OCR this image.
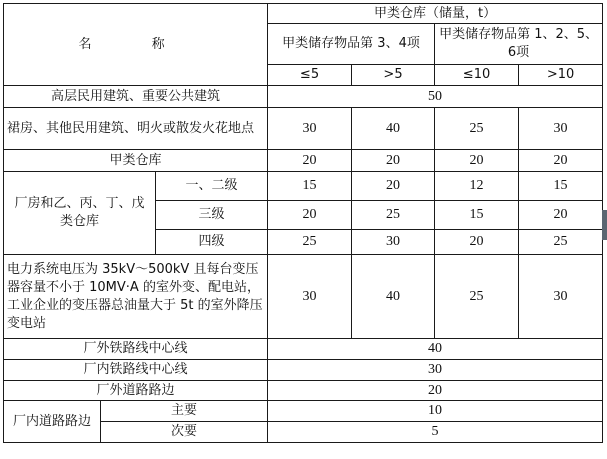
名 称			甲类仓库（储量，t）			
			甲类储存物品第 3、4项		甲类储存物品第 1、2、5、6项	
			≤5	>5	≤10	>10
高层民用建筑、重要公共建筑			50			
裙房、其他民用建筑、明火或散发火花地点			30	40	25	30
甲类仓库			20	20	20	20
厂房和乙、丙、丁、戊类仓库		一、二级	15	20	12	15
		三级	20	25	15	20
		四级	25	30	20	25
电力系统电压为 35kV～500kV 且每台变压器容量不小于 10MV·A 的室外变、配电站，工业企业的变压器总油量大于 5t 的室外降压变电站			30	40	25	30
厂外铁路线中心线			40			
厂内铁路线中心线			30			
厂外道路路边			20			
厂内道路路边	主要		10			
	次要		5			
